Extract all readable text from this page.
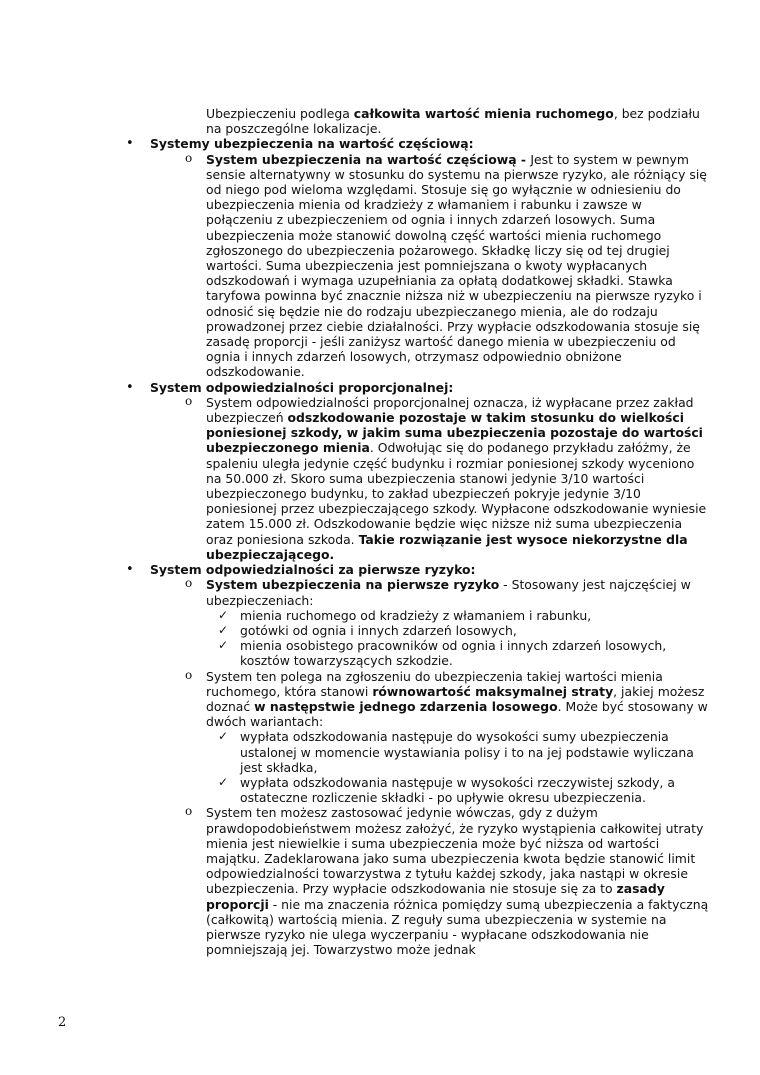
Ubezpieczeniu podlega całkowita wartość mienia ruchomego, bez podziału na poszczególne lokalizacje.

• Systemy ubezpieczenia na wartość częściową:
o System ubezpieczenia na wartość częściową - Jest to system w pewnym sensie alternatywny w stosunku do systemu na pierwsze ryzyko, ale różniący się od niego pod wieloma względami. Stosuje się go wyłącznie w odniesieniu do ubezpieczenia mienia od kradzieży z włamaniem i rabunku i zawsze w połączeniu z ubezpieczeniem od ognia i innych zdarzeń losowych. Suma ubezpieczenia może stanowić dowolną część wartości mienia ruchomego zgłoszonego do ubezpieczenia pożarowego. Składkę liczy się od tej drugiej wartości. Suma ubezpieczenia jest pomniejszana o kwoty wypłacanych odszkodowań i wymaga uzupełniania za opłatą dodatkowej składki. Stawka taryfowa powinna być znacznie niższa niż w ubezpieczeniu na pierwsze ryzyko i odnosić się będzie nie do rodzaju ubezpieczanego mienia, ale do rodzaju prowadzonej przez ciebie działalności. Przy wypłacie odszkodowania stosuje się zasadę proporcji - jeśli zaniżysz wartość danego mienia w ubezpieczeniu od ognia i innych zdarzeń losowych, otrzymasz odpowiednio obniżone odszkodowanie.
• System odpowiedzialności proporcjonalnej:
o System odpowiedzialności proporcjonalnej oznacza, iż wypłacane przez zakład ubezpieczeń odszkodowanie pozostaje w takim stosunku do wielkości poniesionej szkody, w jakim suma ubezpieczenia pozostaje do wartości ubezpieczonego mienia. Odwołując się do podanego przykładu załóżmy, że spaleniu uległa jedynie część budynku i rozmiar poniesionej szkody wyceniono na 50.000 zł. Skoro suma ubezpieczenia stanowi jedynie 3/10 wartości ubezpieczonego budynku, to zakład ubezpieczeń pokryje jedynie 3/10 poniesionej przez ubezpieczającego szkody. Wypłacone odszkodowanie wyniesie zatem 15.000 zł. Odszkodowanie będzie więc niższe niż suma ubezpieczenia oraz poniesiona szkoda. Takie rozwiązanie jest wysoce niekorzystne dla ubezpieczającego.
• System odpowiedzialności za pierwsze ryzyko:
o System ubezpieczenia na pierwsze ryzyko - Stosowany jest najczęściej w ubezpieczeniach:
✓ mienia ruchomego od kradzieży z włamaniem i rabunku,
✓ gotówki od ognia i innych zdarzeń losowych,
✓ mienia osobistego pracowników od ognia i innych zdarzeń losowych, kosztów towarzyszących szkodzie.
o System ten polega na zgłoszeniu do ubezpieczenia takiej wartości mienia ruchomego, która stanowi równowartość maksymalnej straty, jakiej możesz doznać w następstwie jednego zdarzenia losowego. Może być stosowany w dwóch wariantach:
✓ wypłata odszkodowania następuje do wysokości sumy ubezpieczenia ustalonej w momencie wystawiania polisy i to na jej podstawie wyliczana jest składka,
✓ wypłata odszkodowania następuje w wysokości rzeczywistej szkody, a ostateczne rozliczenie składki - po upływie okresu ubezpieczenia.
o System ten możesz zastosować jedynie wówczas, gdy z dużym prawdopodobieństwem możesz założyć, że ryzyko wystąpienia całkowitej utraty mienia jest niewielkie i suma ubezpieczenia może być niższa od wartości majątku. Zadeklarowana jako suma ubezpieczenia kwota będzie stanowić limit odpowiedzialności towarzystwa z tytułu każdej szkody, jaka nastąpi w okresie ubezpieczenia. Przy wypłacie odszkodowania nie stosuje się za to zasady proporcji - nie ma znaczenia różnica pomiędzy sumą ubezpieczenia a faktyczną (całkowitą) wartością mienia. Z reguły suma ubezpieczenia w systemie na pierwsze ryzyko nie ulega wyczerpaniu - wypłacane odszkodowania nie pomniejszają jej. Towarzystwo może jednak
2
